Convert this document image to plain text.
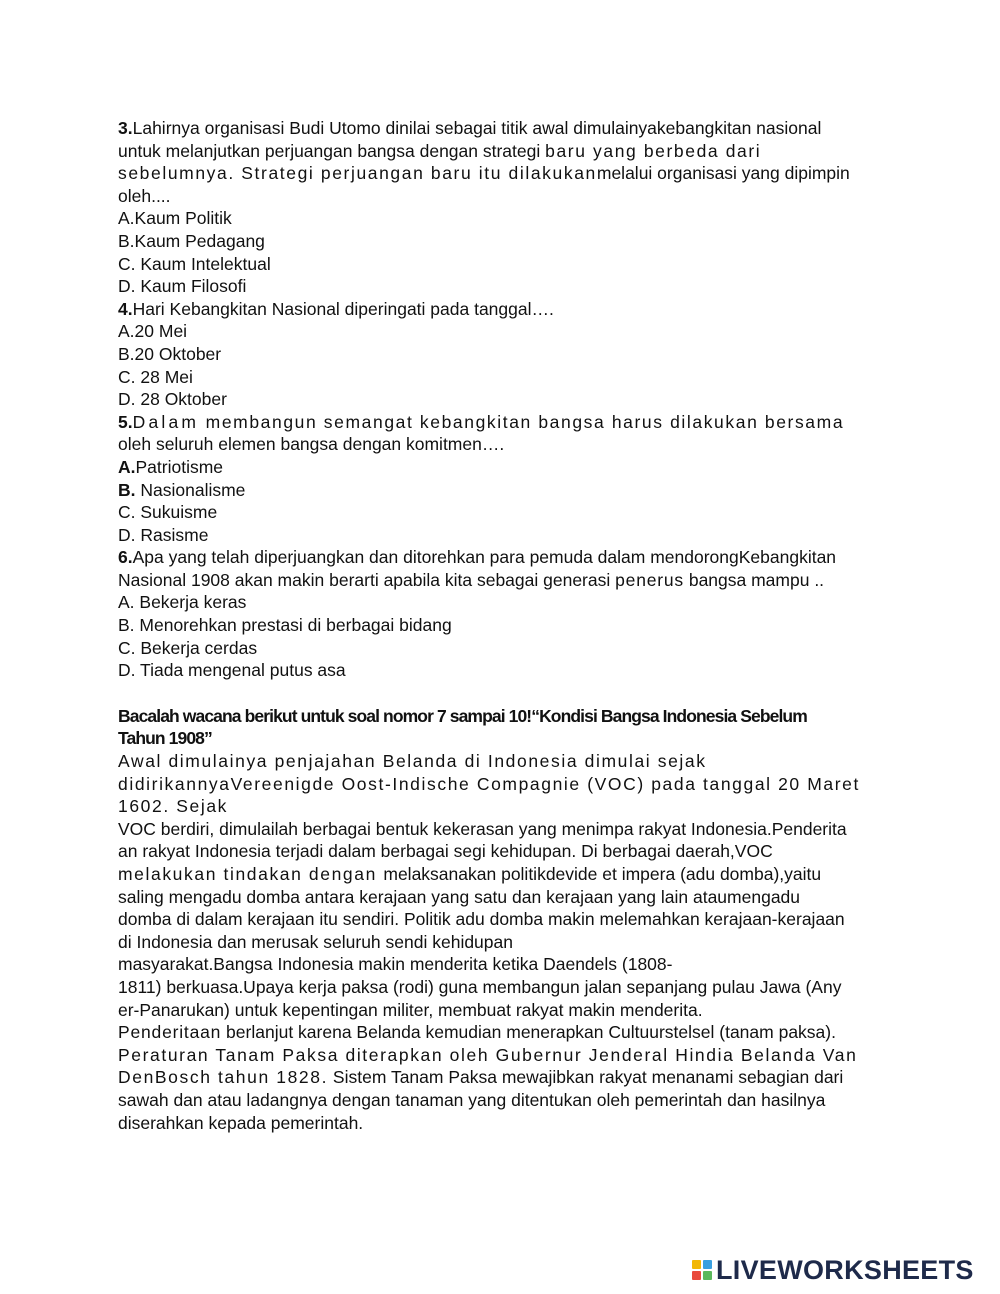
3.Lahirnya organisasi Budi Utomo dinilai sebagai titik awal dimulainyakebangkitan nasional
untuk melanjutkan perjuangan bangsa dengan strategi baru yang berbeda dari
sebelumnya. Strategi perjuangan baru itu dilakukanmelalui organisasi yang dipimpin
oleh....
A.Kaum Politik
B.Kaum Pedagang
C. Kaum Intelektual
D. Kaum Filosofi
4.Hari Kebangkitan Nasional diperingati pada tanggal….
A.20 Mei
B.20 Oktober
C. 28 Mei
D. 28 Oktober
5.Dalam membangun semangat kebangkitan bangsa harus dilakukan bersama
oleh seluruh elemen bangsa dengan komitmen….
A.Patriotisme
B. Nasionalisme
C. Sukuisme
D. Rasisme
6.Apa yang telah diperjuangkan dan ditorehkan para pemuda dalam mendorongKebangkitan
Nasional 1908 akan makin berarti apabila kita sebagai generasi penerus bangsa mampu ..
A. Bekerja keras
B. Menorehkan prestasi di berbagai bidang
C. Bekerja cerdas
D. Tiada mengenal putus asa
Bacalah wacana berikut untuk soal nomor 7 sampai 10!“Kondisi Bangsa Indonesia Sebelum
Tahun 1908”
Awal dimulainya penjajahan Belanda di Indonesia dimulai sejak
didirikannyaVereenigde Oost-Indische Compagnie (VOC) pada tanggal 20 Maret
1602. Sejak
VOC berdiri, dimulailah berbagai bentuk kekerasan yang menimpa rakyat Indonesia.Penderita
an rakyat Indonesia terjadi dalam berbagai segi kehidupan. Di berbagai daerah,VOC
melakukan tindakan dengan melaksanakan politikdevide et impera (adu domba),yaitu
saling mengadu domba antara kerajaan yang satu dan kerajaan yang lain ataumengadu
domba di dalam kerajaan itu sendiri. Politik adu domba makin melemahkan kerajaan-kerajaan
di Indonesia dan merusak seluruh sendi kehidupan
masyarakat.Bangsa Indonesia makin menderita ketika Daendels (1808-
1811) berkuasa.Upaya kerja paksa (rodi) guna membangun jalan sepanjang pulau Jawa (Any
er-Panarukan) untuk kepentingan militer, membuat rakyat makin menderita.
Penderitaan berlanjut karena Belanda kemudian menerapkan Cultuurstelsel (tanam paksa).
Peraturan Tanam Paksa diterapkan oleh Gubernur Jenderal Hindia Belanda Van
DenBosch tahun 1828. Sistem Tanam Paksa mewajibkan rakyat menanami sebagian dari
sawah dan atau ladangnya dengan tanaman yang ditentukan oleh pemerintah dan hasilnya
diserahkan kepada pemerintah.
LIVEWORKSHEETS
